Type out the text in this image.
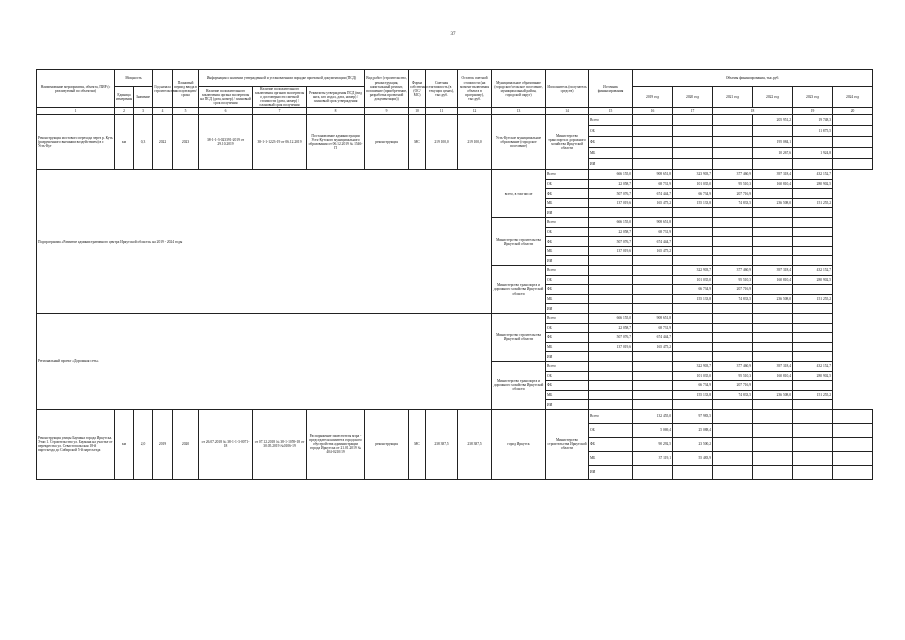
37
Наименование мероприятия, объекта, ПИР (с реализуемый по объектам)	Мощность		Год начала строительства	Плановый период ввода в эксплуатацию/срока	Информация о наличии утвержденной и установленном порядке проектной документации (ПСД)			Вид работ (строительство, реконструкция, капитальный ремонт, погашение (приобретение, разработка проектной документации))	Форма собственности (ОС/МС)	Сметная стоимость (в текущих ценах), тыс.руб.	Остаток сметной стоимости (на момент включения объекта в программу), тыс.руб.	Муниципальное образование (городское/сельское поселение, муниципальный район, городской округ)	Исполнитель (получатель средств)	Источник финансирования	Объемы финансирования, тыс.руб.					
	Единица измерения	Значение			Наличие положительного заключения органа экспертизы на ПСД (дата, номер) / плановый срок получения	Наличие положительного заключения органов экспертизы о достоверности сметной стоимости (дата, номер) / плановый срок получения	Реквизиты утверждения ПСД (вид акта, кто издал, дата, номер) / плановый срок утверждения								2019 год	2020 год	2021 год	2022 год	2023 год	2024 год
1	2	3	4	5	6	7	8	9	10	11	12	13	14	15	16	17	18		19	20
Реконструкция мостового перехода через р. Куть (разрушенного внешним воздействием) в г. Усть-Кут	км	0,3	2022	2023	38-1-1-3-023391-2019 от 29.10.2019	38-1-1-1223-19 от 06.12.2019	Постановление администрации Усть-Кутского муниципального образования от 06.12.2019 № 1546-П	реконструкция	МС	219 100,0	219 100,0	Усть-Кутское муниципальное образование (городское поселение)	Министерство транспорта и дорожного хозяйства Иркутской области	Всего				205 951,2	19 748,3	
														ОБ					11 875,5	
														ФБ				195 084,1		
														МБ				10 267,6	1 924,8	
														ИИ						
Подпрограмма «Развитие административного центра Иркутской области» на 2019 - 2024 годы												всего, в том числе	Всего	666 155,0	908 651,8	323 903,7	377 460,9	397 318,4	432 152,7	
													ОБ	22 058,7	68 731,9	101 035,0	95 510,3	160 810,4	280 902,5	
													ФБ	507 076,7	674 444,7	66 734,9	207 716,9			
													МБ	137 019,6	165 475,2	155 133,8	74 833,5	236 508,0	151 255,2	
													ИИ							
												Министерство строительства Иркутской области	Всего	666 155,0	908 651,8					
													ОБ	22 058,7	68 731,9					
													ФБ	507 076,7	674 444,7					
													МБ	137 019,6	165 475,2					
													ИИ							
												Министерство транспорта и дорожного хозяйства Иркутской области	Всего			322 903,7	377 460,9	397 318,4	432 152,7	
													ОБ			101 035,0	95 510,3	160 810,4	280 902,5	
													ФБ			66 734,9	207 716,9			
													МБ			155 133,8	74 833,5	236 508,0	151 255,2	
													ИИ							
Региональный проект «Дорожная сеть»												Министерство строительства Иркутской области	Всего	666 155,0	908 651,8					
													ОБ	22 058,7	68 731,9					
													ФБ	507 076,7	674 444,7					
													МБ	137 019,6	165 475,2					
													ИИ							
												Министерство транспорта и дорожного хозяйства Иркутской области	Всего			322 903,7	377 460,9	397 318,4	432 152,7	
													ОБ			101 035,0	95 510,3	160 810,4	280 902,5	
													ФБ			66 734,9	207 716,9			
													МБ			155 133,8	74 833,5	236 508,0	151 255,2	
													ИИ							
Реконструкция улицы Баумана города Иркутска. Этап 1. Строительство ул. Баумана на участке от перекрестка ул. Севастопольская 18-й партсъезда до Сибирской 5-й партсъезда	км	2,0	2019	2020	от 26.07.2018 № 38-1-1-3-0071-18	от 07.12.2018 № 38-1-1059-18 от 30.05.2019 №0106-19	Распоряжение заместителя мэра - председателя комитета городского обустройства администрации города Иркутска от 21.01.2019 № 404-0210/19	реконструкция	МС	238 387,5	238 387,5	город Иркутск	Министерство строительства Иркутской области	Всего	132 455,0	97 983,5				
														ОБ	5 069,4	25 088,4				
														ФБ	90 292,5	23 500,2				
														МБ	37 119,1	55 483,9				
														ИИ						
